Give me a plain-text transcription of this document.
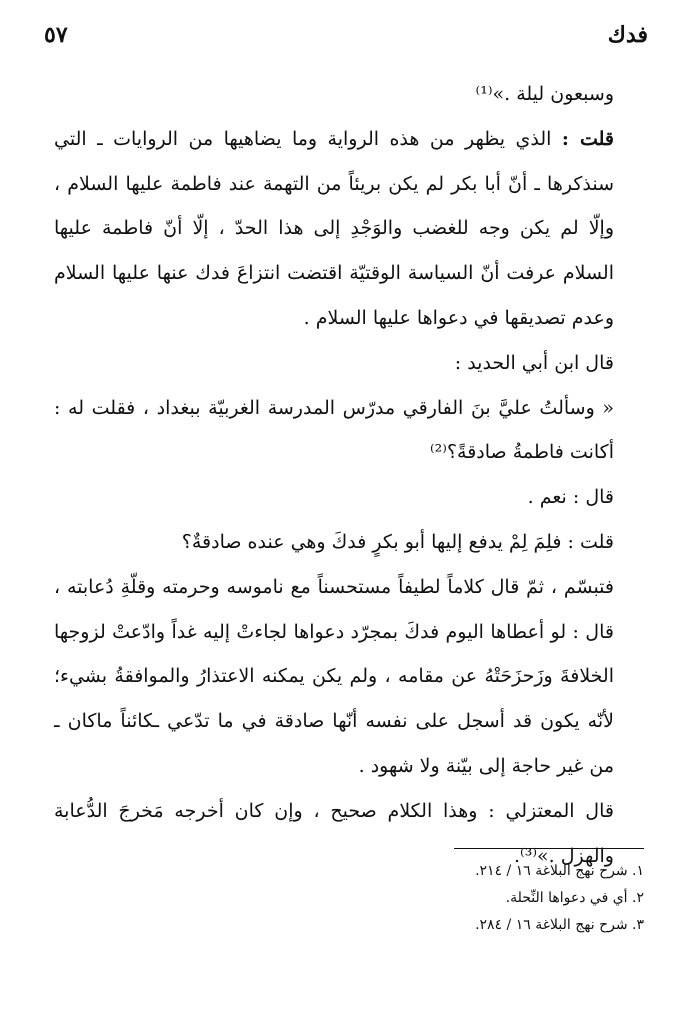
فدك
٥٧

وسبعون ليلة .»⁽¹⁾

قلت : الذي يظهر من هذه الرواية وما يضاهيها من الروايات ـ التي سنذكرها ـ أنّ أبا بكر لم يكن بريئاً من التهمة عند فاطمة عليها السلام ، وإلّا لم يكن وجه للغضب والوَجْدِ إلى هذا الحدّ ، إلّا أنّ فاطمة عليها السلام عرفت أنّ السياسة الوقتيّة اقتضت انتزاعَ فدك عنها عليها السلام وعدم تصديقها في دعواها عليها السلام .

قال ابن أبي الحديد :

« وسألتُ عليَّ بنَ الفارقي مدرّس المدرسة الغربيّة ببغداد ، فقلت له : أكانت فاطمةُ صادقةً؟⁽²⁾

قال : نعم .

قلت : فلِمَ لِمْ يدفع إليها أبو بكرٍ فدكَ وهي عنده صادقةٌ؟

فتبسّم ، ثمّ قال كلاماً لطيفاً مستحسناً مع ناموسه وحرمته وقلّةِ دُعابته ، قال : لو أعطاها اليوم فدكَ بمجرّد دعواها لجاءتْ إليه غداً وادّعتْ لزوجها الخلافةَ وزَحزَحَتْهُ عن مقامه ، ولم يكن يمكنه الاعتذارُ والموافقةُ بشيء؛ لأنّه يكون قد أسجل على نفسه أنّها صادقة في ما تدّعي ـكائناً ماكان ـ من غير حاجة إلى بيّنة ولا شهود .

قال المعتزلي : وهذا الكلام صحيح ، وإن كان أخرجه مَخرجَ الدُّعابة والهزل .»⁽³⁾.

١. شرح نهج البلاغة ١٦ / ٢١٤.

٢. أي في دعواها النِّحلة.

٣. شرح نهج البلاغة ١٦ / ٢٨٤.
